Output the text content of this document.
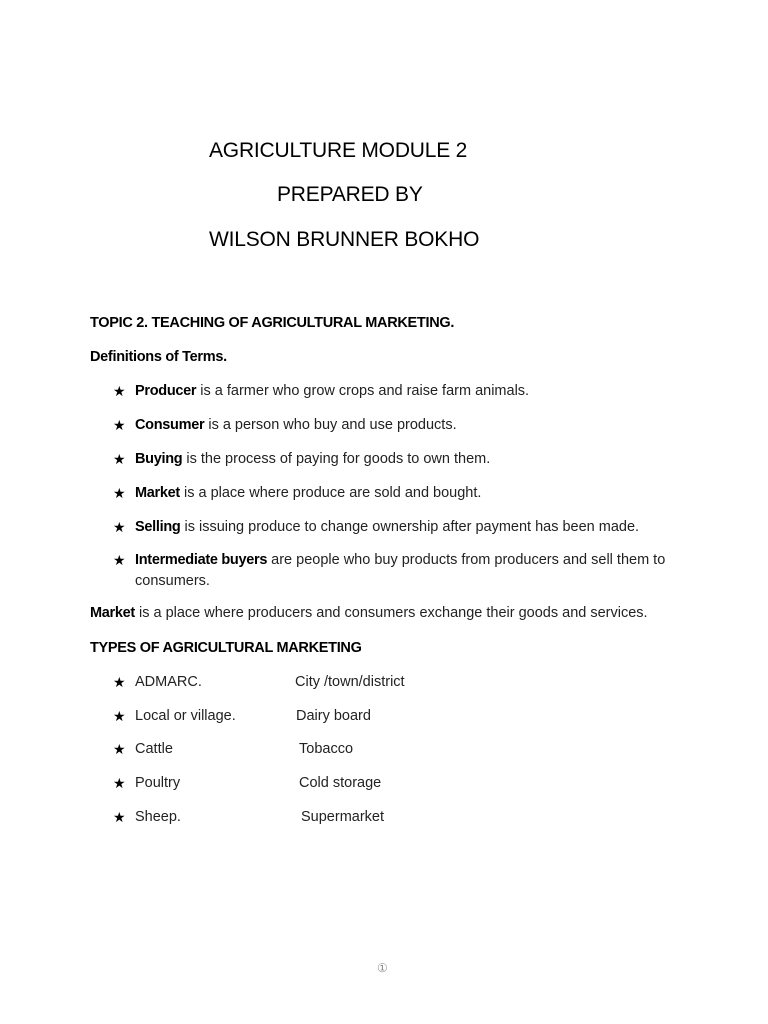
AGRICULTURE MODULE 2
PREPARED BY
WILSON BRUNNER BOKHO
TOPIC 2. TEACHING OF AGRICULTURAL MARKETING.
Definitions of Terms.
★ Producer is a farmer who grow crops and raise farm animals.
★ Consumer is a person who buy and use products.
★ Buying is the process of paying for goods to own them.
★ Market is a place where produce are sold and bought.
★ Selling is issuing produce to change ownership after payment has been made.
★ Intermediate buyers are people who buy products from producers and sell them to consumers.
Market is a place where producers and consumers exchange their goods and services.
TYPES OF AGRICULTURAL MARKETING
★ ADMARC.	City /town/district
★ Local or village.	Dairy board
★ Cattle	Tobacco
★ Poultry	Cold storage
★ Sheep.	Supermarket
①
